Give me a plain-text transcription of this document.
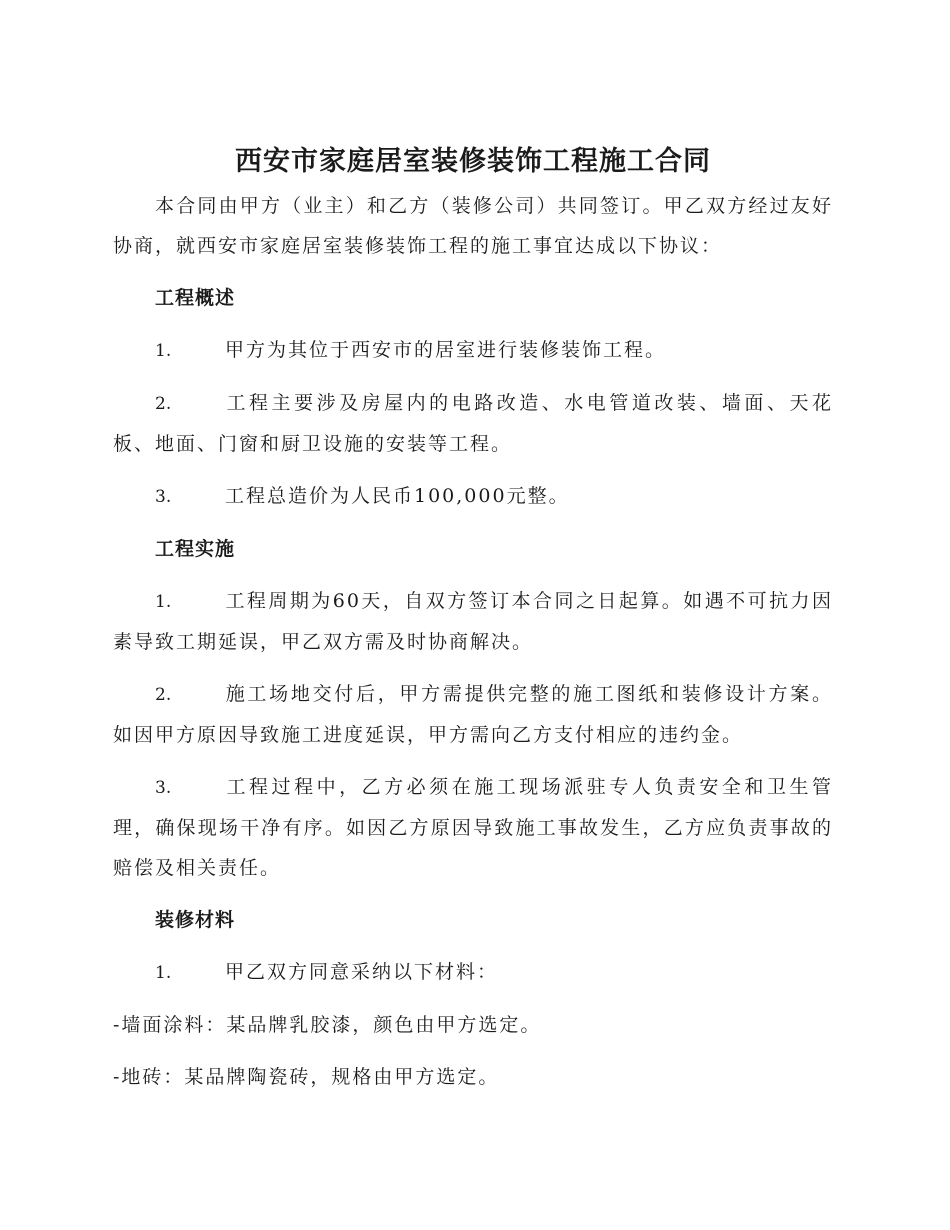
西安市家庭居室装修装饰工程施工合同

本合同由甲方（业主）和乙方（装修公司）共同签订。甲乙双方经过友好协商，就西安市家庭居室装修装饰工程的施工事宜达成以下协议：

工程概述

1.	甲方为其位于西安市的居室进行装修装饰工程。

2.	工程主要涉及房屋内的电路改造、水电管道改装、墙面、天花板、地面、门窗和厨卫设施的安装等工程。

3.	工程总造价为人民币100,000元整。

工程实施

1.	工程周期为60天，自双方签订本合同之日起算。如遇不可抗力因素导致工期延误，甲乙双方需及时协商解决。

2.	施工场地交付后，甲方需提供完整的施工图纸和装修设计方案。如因甲方原因导致施工进度延误，甲方需向乙方支付相应的违约金。

3.	工程过程中，乙方必须在施工现场派驻专人负责安全和卫生管理，确保现场干净有序。如因乙方原因导致施工事故发生，乙方应负责事故的赔偿及相关责任。

装修材料

1.	甲乙双方同意采纳以下材料：

-墙面涂料：某品牌乳胶漆，颜色由甲方选定。

-地砖：某品牌陶瓷砖，规格由甲方选定。
